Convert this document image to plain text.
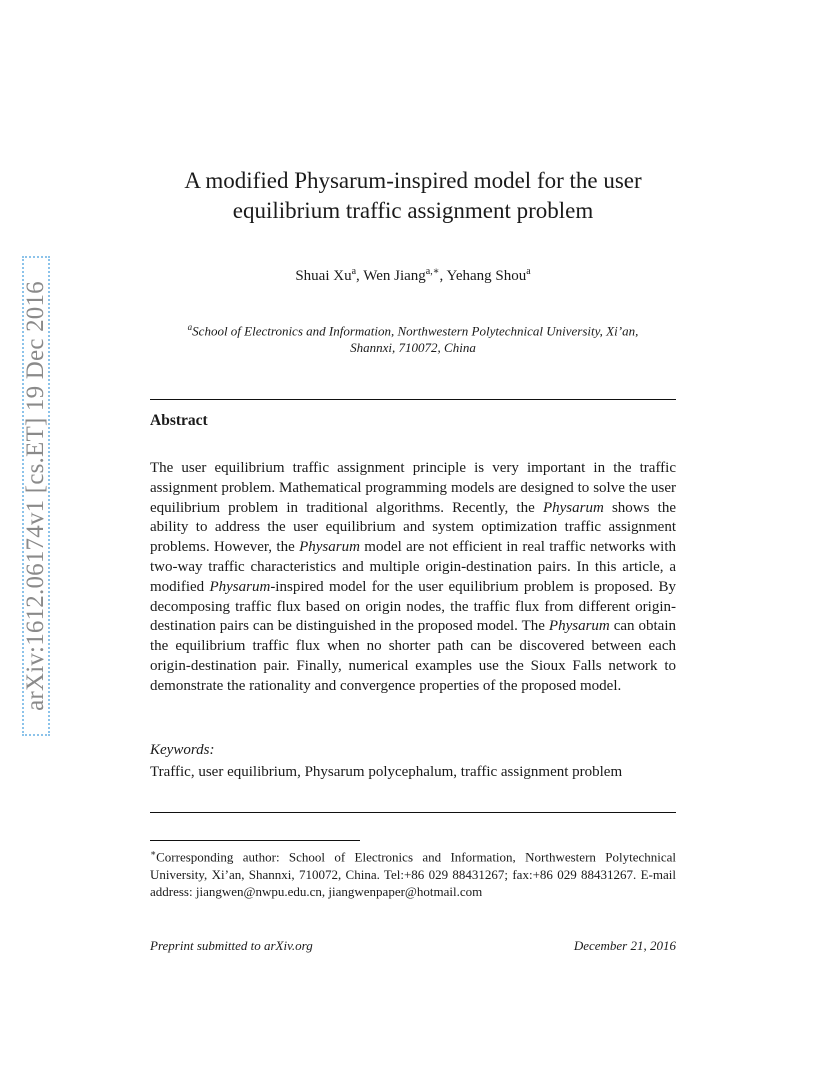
arXiv:1612.06174v1 [cs.ET] 19 Dec 2016
A modified Physarum-inspired model for the user
equilibrium traffic assignment problem
Shuai Xu$^a$, Wen Jiang$^{a,∗}$, Yehang Shou$^a$
$^a$School of Electronics and Information, Northwestern Polytechnical University, Xi’an,
Shannxi, 710072, China
Abstract
The user equilibrium traffic assignment principle is very important in the traffic assignment problem. Mathematical programming models are designed to solve the user equilibrium problem in traditional algorithms. Recently, the Physarum shows the ability to address the user equilibrium and system optimization traffic assignment problems. However, the Physarum model are not efficient in real traffic networks with two-way traffic characteristics and multiple origin-destination pairs. In this article, a modified Physarum-inspired model for the user equilibrium problem is proposed. By decomposing traffic flux based on origin nodes, the traffic flux from different origin-destination pairs can be distinguished in the proposed model. The Physarum can obtain the equilibrium traffic flux when no shorter path can be discovered between each origin-destination pair. Finally, numerical examples use the Sioux Falls network to demonstrate the rationality and convergence properties of the proposed model.
Keywords:
Traffic, user equilibrium, Physarum polycephalum, traffic assignment problem
∗Corresponding author: School of Electronics and Information, Northwestern Polytechnical University, Xi’an, Shannxi, 710072, China. Tel:+86 029 88431267; fax:+86 029 88431267. E-mail address: jiangwen@nwpu.edu.cn, jiangwenpaper@hotmail.com
Preprint submitted to arXiv.org	December 21, 2016
